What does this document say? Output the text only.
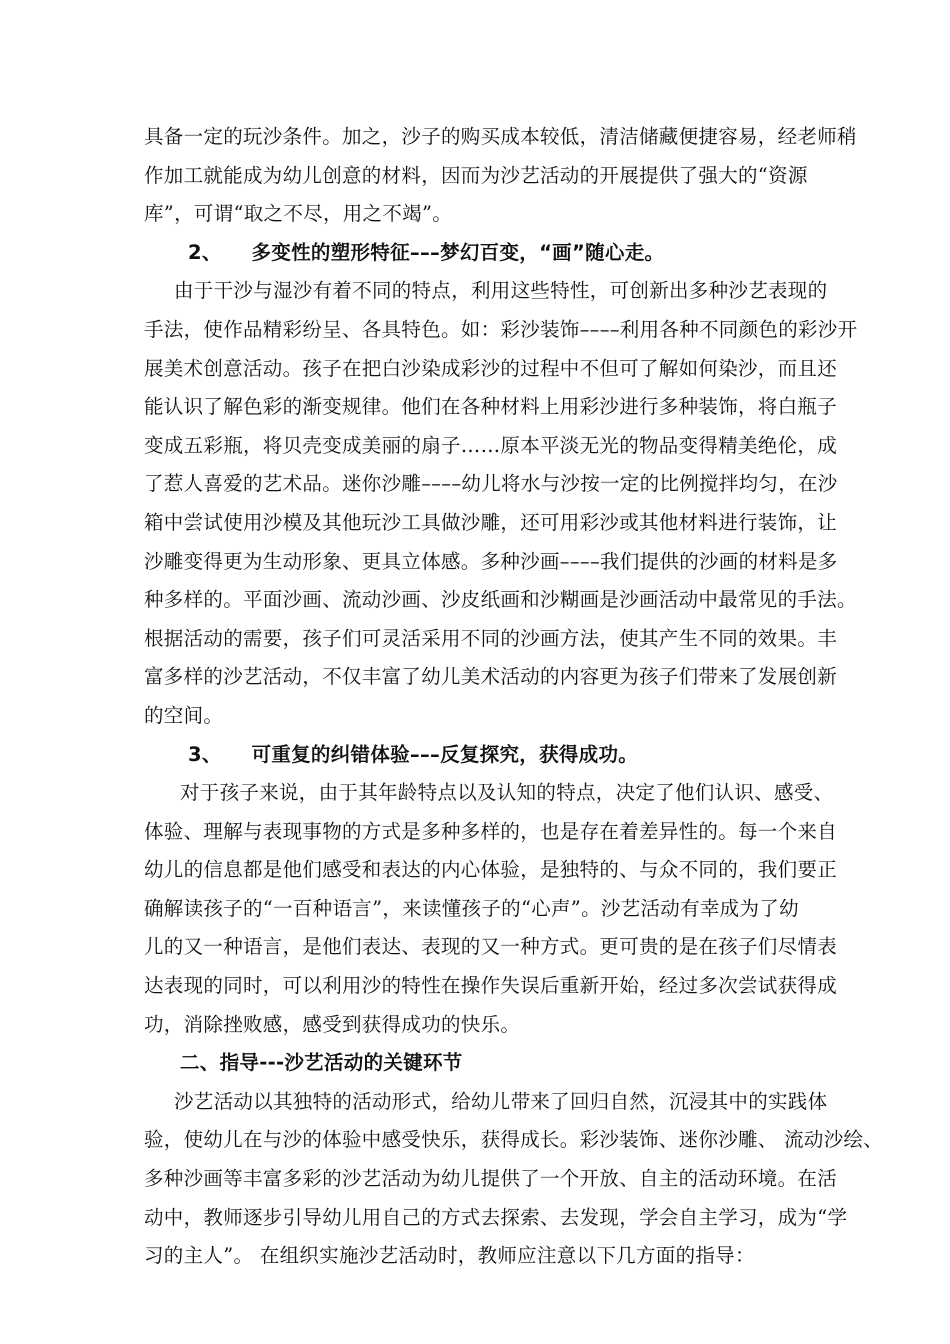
具备一定的玩沙条件。加之，沙子的购买成本较低，清洁储藏便捷容易，经老师稍
作加工就能成为幼儿创意的材料，因而为沙艺活动的开展提供了强大的“资源
库”，可谓“取之不尽，用之不竭”。
2、　　多变性的塑形特征–––梦幻百变，“画”随心走。
由于干沙与湿沙有着不同的特点，利用这些特性，可创新出多种沙艺表现的
手法，使作品精彩纷呈、各具特色。如：彩沙装饰––––利用各种不同颜色的彩沙开
展美术创意活动。孩子在把白沙染成彩沙的过程中不但可了解如何染沙，而且还
能认识了解色彩的渐变规律。他们在各种材料上用彩沙进行多种装饰，将白瓶子
变成五彩瓶，将贝壳变成美丽的扇子……原本平淡无光的物品变得精美绝伦，成
了惹人喜爱的艺术品。迷你沙雕––––幼儿将水与沙按一定的比例搅拌均匀，在沙
箱中尝试使用沙模及其他玩沙工具做沙雕，还可用彩沙或其他材料进行装饰，让
沙雕变得更为生动形象、更具立体感。多种沙画––––我们提供的沙画的材料是多
种多样的。平面沙画、流动沙画、沙皮纸画和沙糊画是沙画活动中最常见的手法。
根据活动的需要，孩子们可灵活采用不同的沙画方法，使其产生不同的效果。丰
富多样的沙艺活动，不仅丰富了幼儿美术活动的内容更为孩子们带来了发展创新
的空间。
3、　　可重复的纠错体验–––反复探究，获得成功。
对于孩子来说，由于其年龄特点以及认知的特点，决定了他们认识、感受、
体验、理解与表现事物的方式是多种多样的，也是存在着差异性的。每一个来自
幼儿的信息都是他们感受和表达的内心体验，是独特的、与众不同的，我们要正
确解读孩子的“一百种语言”，来读懂孩子的“心声”。沙艺活动有幸成为了幼
儿的又一种语言，是他们表达、表现的又一种方式。更可贵的是在孩子们尽情表
达表现的同时，可以利用沙的特性在操作失误后重新开始，经过多次尝试获得成
功，消除挫败感，感受到获得成功的快乐。
二、指导---沙艺活动的关键环节
沙艺活动以其独特的活动形式，给幼儿带来了回归自然，沉浸其中的实践体
验，使幼儿在与沙的体验中感受快乐，获得成长。彩沙装饰、迷你沙雕、 流动沙绘、
多种沙画等丰富多彩的沙艺活动为幼儿提供了一个开放、自主的活动环境。在活
动中，教师逐步引导幼儿用自己的方式去探索、去发现，学会自主学习，成为“学
习的主人”。 在组织实施沙艺活动时，教师应注意以下几方面的指导：
